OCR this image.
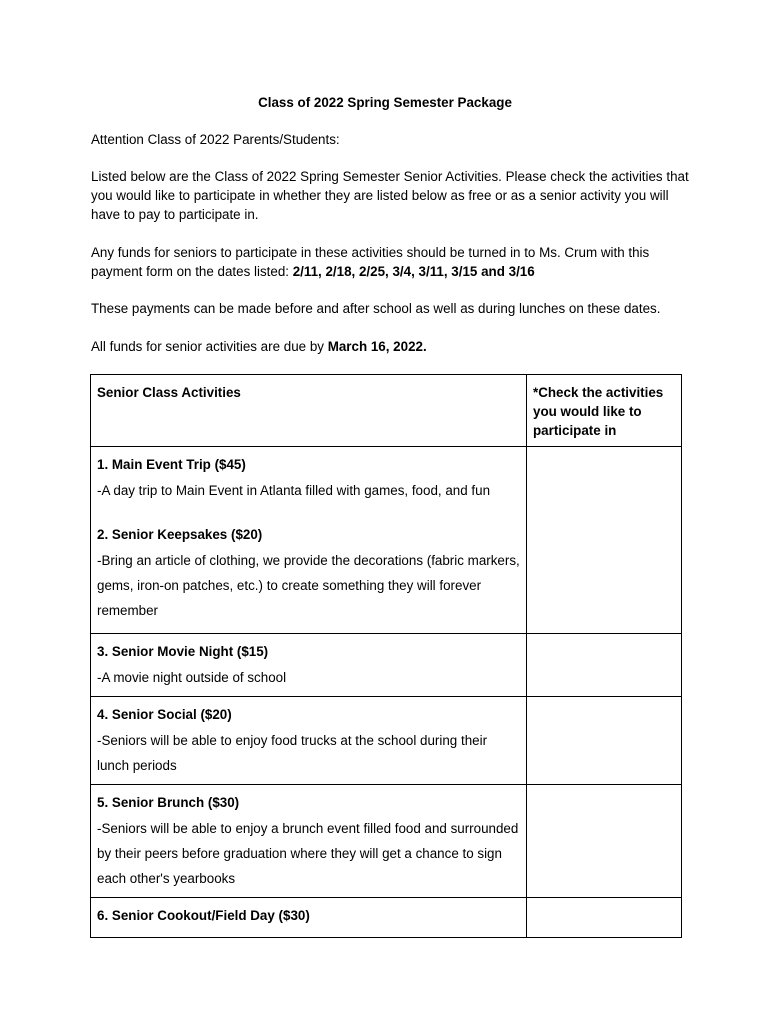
Class of 2022 Spring Semester Package

Attention Class of 2022 Parents/Students:

Listed below are the Class of 2022 Spring Semester Senior Activities. Please check the activities that you would like to participate in whether they are listed below as free or as a senior activity you will have to pay to participate in.

Any funds for seniors to participate in these activities should be turned in to Ms. Crum with this payment form on the dates listed: 2/11, 2/18, 2/25, 3/4, 3/11, 3/15 and 3/16

These payments can be made before and after school as well as during lunches on these dates.

All funds for senior activities are due by March 16, 2022.

Senior Class Activities	*Check the activities you would like to participate in

1. Main Event Trip ($45)
-A day trip to Main Event in Atlanta filled with games, food, and fun
2. Senior Keepsakes ($20)
-Bring an article of clothing, we provide the decorations (fabric markers, gems, iron-on patches, etc.) to create something they will forever remember	

3. Senior Movie Night ($15)
-A movie night outside of school	

4. Senior Social ($20)
-Seniors will be able to enjoy food trucks at the school during their lunch periods	

5. Senior Brunch ($30)
-Seniors will be able to enjoy a brunch event filled food and surrounded by their peers before graduation where they will get a chance to sign each other's yearbooks	

6. Senior Cookout/Field Day ($30)	
